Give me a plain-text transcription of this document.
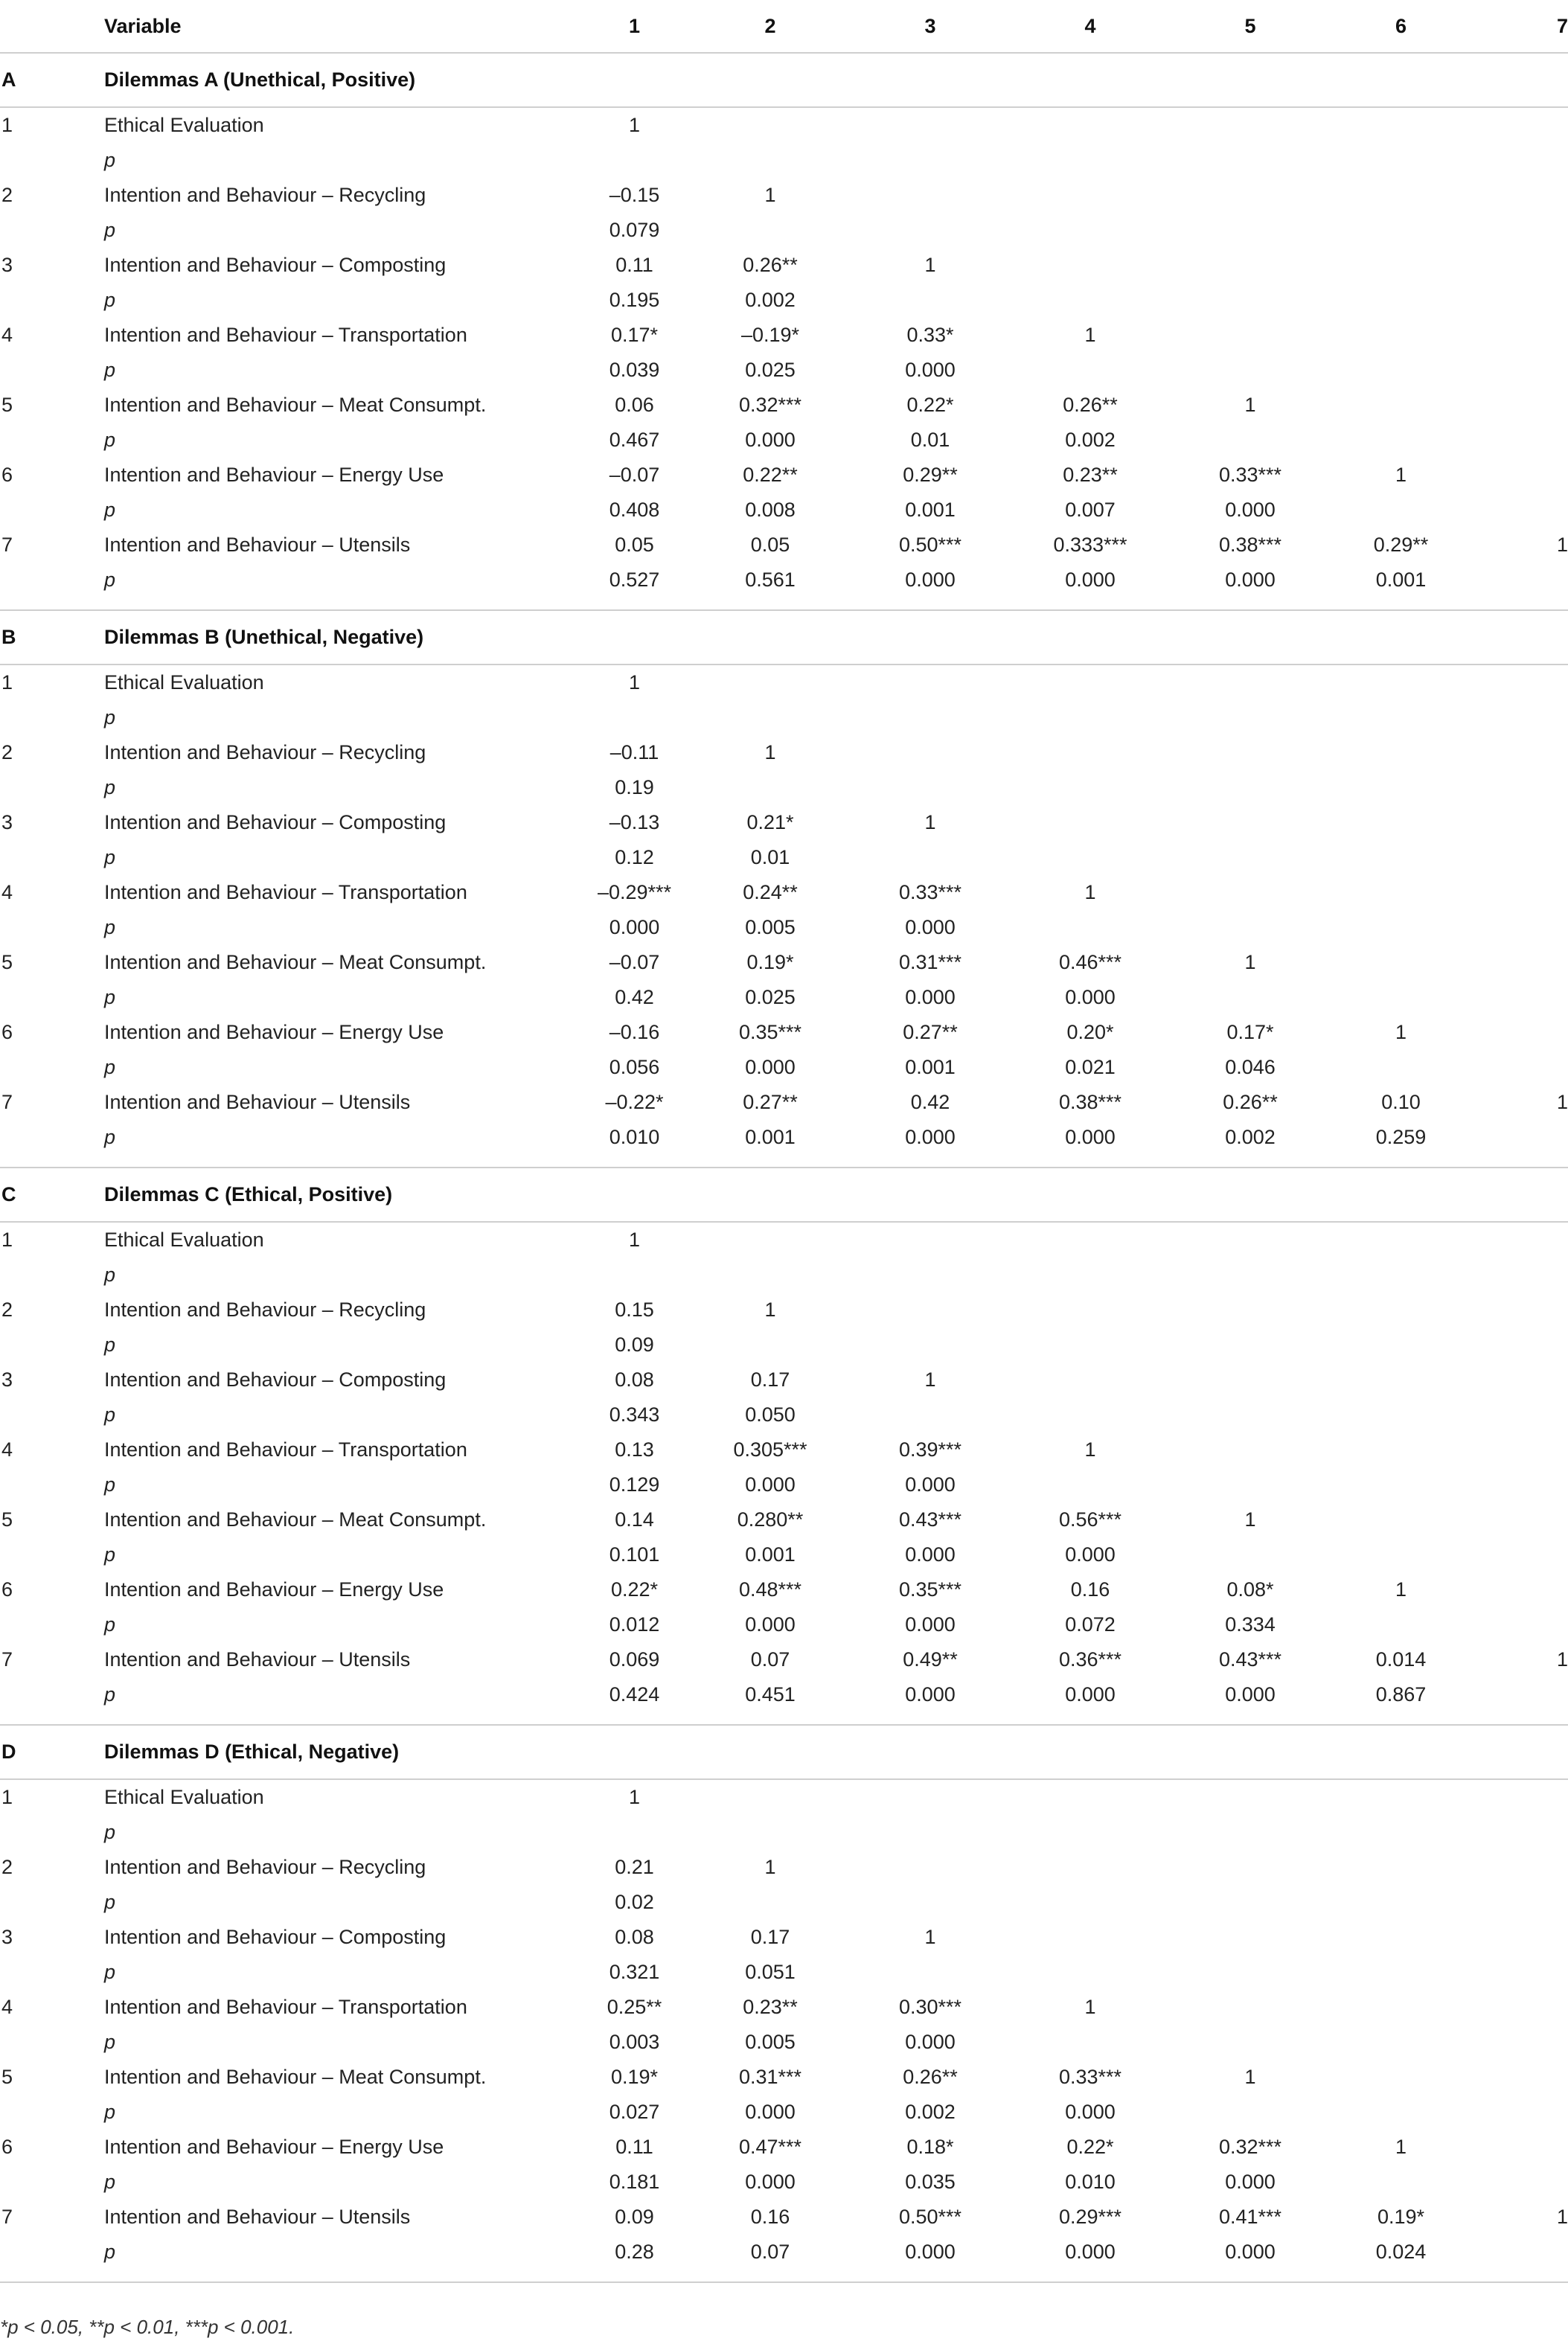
	Variable	1	2	3	4	5	6	7
A	Dilemmas A (Unethical, Positive)							
1	Ethical Evaluation	1						
	p							
2	Intention and Behaviour – Recycling	–0.15	1					
	p	0.079						
3	Intention and Behaviour – Composting	0.11	0.26**	1				
	p	0.195	0.002					
4	Intention and Behaviour – Transportation	0.17*	–0.19*	0.33*	1			
	p	0.039	0.025	0.000				
5	Intention and Behaviour – Meat Consumpt.	0.06	0.32***	0.22*	0.26**	1		
	p	0.467	0.000	0.01	0.002			
6	Intention and Behaviour – Energy Use	–0.07	0.22**	0.29**	0.23**	0.33***	1	
	p	0.408	0.008	0.001	0.007	0.000		
7	Intention and Behaviour – Utensils	0.05	0.05	0.50***	0.333***	0.38***	0.29**	1
	p	0.527	0.561	0.000	0.000	0.000	0.001	
B	Dilemmas B (Unethical, Negative)							
1	Ethical Evaluation	1						
	p							
2	Intention and Behaviour – Recycling	–0.11	1					
	p	0.19						
3	Intention and Behaviour – Composting	–0.13	0.21*	1				
	p	0.12	0.01					
4	Intention and Behaviour – Transportation	–0.29***	0.24**	0.33***	1			
	p	0.000	0.005	0.000				
5	Intention and Behaviour – Meat Consumpt.	–0.07	0.19*	0.31***	0.46***	1		
	p	0.42	0.025	0.000	0.000			
6	Intention and Behaviour – Energy Use	–0.16	0.35***	0.27**	0.20*	0.17*	1	
	p	0.056	0.000	0.001	0.021	0.046		
7	Intention and Behaviour – Utensils	–0.22*	0.27**	0.42	0.38***	0.26**	0.10	1
	p	0.010	0.001	0.000	0.000	0.002	0.259	
C	Dilemmas C (Ethical, Positive)							
1	Ethical Evaluation	1						
	p							
2	Intention and Behaviour – Recycling	0.15	1					
	p	0.09						
3	Intention and Behaviour – Composting	0.08	0.17	1				
	p	0.343	0.050					
4	Intention and Behaviour – Transportation	0.13	0.305***	0.39***	1			
	p	0.129	0.000	0.000				
5	Intention and Behaviour – Meat Consumpt.	0.14	0.280**	0.43***	0.56***	1		
	p	0.101	0.001	0.000	0.000			
6	Intention and Behaviour – Energy Use	0.22*	0.48***	0.35***	0.16	0.08*	1	
	p	0.012	0.000	0.000	0.072	0.334		
7	Intention and Behaviour – Utensils	0.069	0.07	0.49**	0.36***	0.43***	0.014	1
	p	0.424	0.451	0.000	0.000	0.000	0.867	
D	Dilemmas D (Ethical, Negative)							
1	Ethical Evaluation	1						
	p							
2	Intention and Behaviour – Recycling	0.21	1					
	p	0.02						
3	Intention and Behaviour – Composting	0.08	0.17	1				
	p	0.321	0.051					
4	Intention and Behaviour – Transportation	0.25**	0.23**	0.30***	1			
	p	0.003	0.005	0.000				
5	Intention and Behaviour – Meat Consumpt.	0.19*	0.31***	0.26**	0.33***	1		
	p	0.027	0.000	0.002	0.000			
6	Intention and Behaviour – Energy Use	0.11	0.47***	0.18*	0.22*	0.32***	1	
	p	0.181	0.000	0.035	0.010	0.000		
7	Intention and Behaviour – Utensils	0.09	0.16	0.50***	0.29***	0.41***	0.19*	1
	p	0.28	0.07	0.000	0.000	0.000	0.024	
*p < 0.05, **p < 0.01, ***p < 0.001.
